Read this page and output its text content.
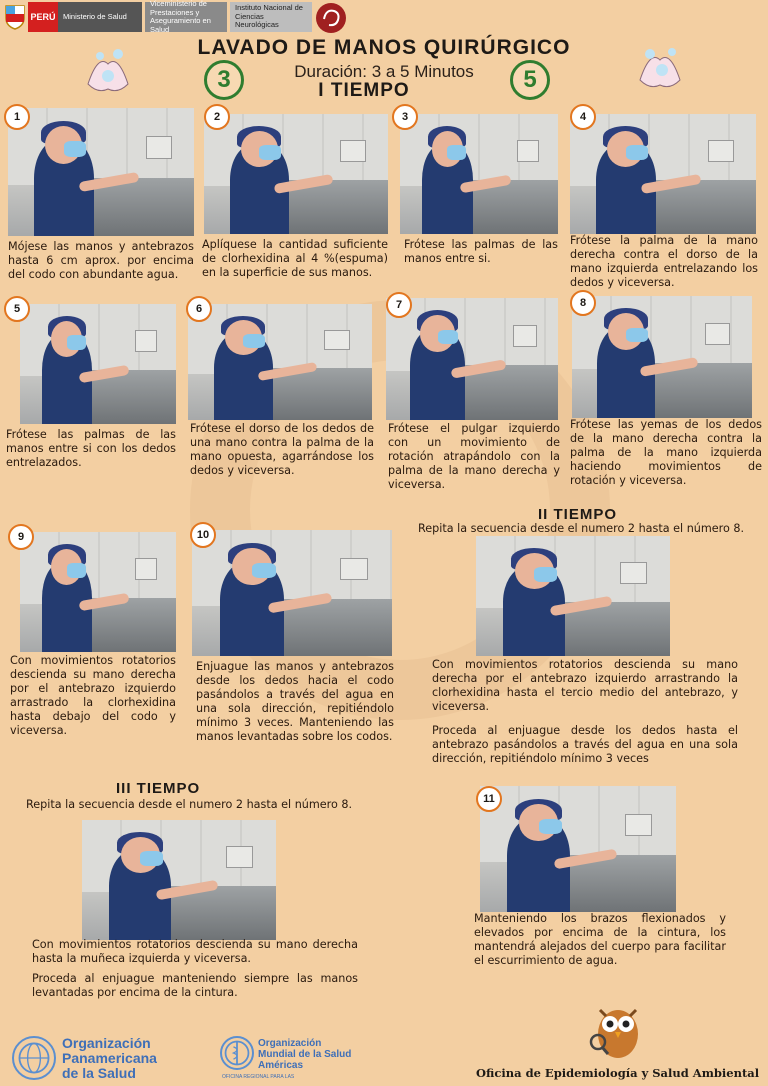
PERÚ Ministerio de Salud
Viceministerio de Prestaciones y Aseguramiento en Salud
Instituto Nacional de Ciencias Neurológicas
LAVADO DE MANOS QUIRÚRGICO
Duración: 3 a 5 Minutos
I TIEMPO
3	5
1	2	3	4
Mójese las manos y antebrazos hasta 6 cm aprox. por encima del codo con abundante agua.
Aplíquese la cantidad suficiente de clorhexidina al 4 %(espuma) en la superficie de sus manos.
Frótese las palmas de las manos entre si.
Frótese la palma de la mano derecha contra el dorso de la mano izquierda entrelazando los dedos y viceversa.
5	6	7	8
Frótese las palmas de las manos entre si con los dedos entrelazados.
Frótese el dorso de los dedos de una mano contra la palma de la mano opuesta, agarrándose los dedos y viceversa.
Frótese el pulgar izquierdo con un movimiento de rotación atrapándolo con la palma de la mano derecha y viceversa.
Frótese las yemas de los dedos de la mano derecha contra la palma de la mano izquierda haciendo movimientos de rotación y viceversa.
9	10
Con movimientos rotatorios descienda su mano derecha por el antebrazo izquierdo arrastrado la clorhexidina hasta debajo del codo y viceversa.
Enjuague las manos y antebrazos desde los dedos hacia el codo pasándolos a través del agua en una sola dirección, repitiéndolo mínimo 3 veces. Manteniendo las manos levantadas sobre los codos.
II TIEMPO
Repita la secuencia desde el numero 2 hasta el número 8.
Con movimientos rotatorios descienda su mano derecha por el antebrazo izquierdo arrastrando la clorhexidina hasta el tercio medio del antebrazo, y viceversa.
Proceda al enjuague desde los dedos hasta el antebrazo pasándolos a través del agua en una sola dirección, repitiéndolo mínimo 3 veces
III TIEMPO
Repita la secuencia desde el numero 2 hasta el número 8.
Con movimientos rotatorios descienda su mano derecha hasta la muñeca izquierda y viceversa.
Proceda al enjuague manteniendo siempre las manos levantadas por encima de la cintura.
11
Manteniendo los brazos flexionados y elevados por encima de la cintura, los mantendrá alejados del cuerpo para facilitar el escurrimiento de agua.
Organización
Panamericana
de la Salud
Organización
Mundial de la Salud
Américas
OFICINA REGIONAL PARA LAS	Oficina de Epidemiología y Salud Ambiental
